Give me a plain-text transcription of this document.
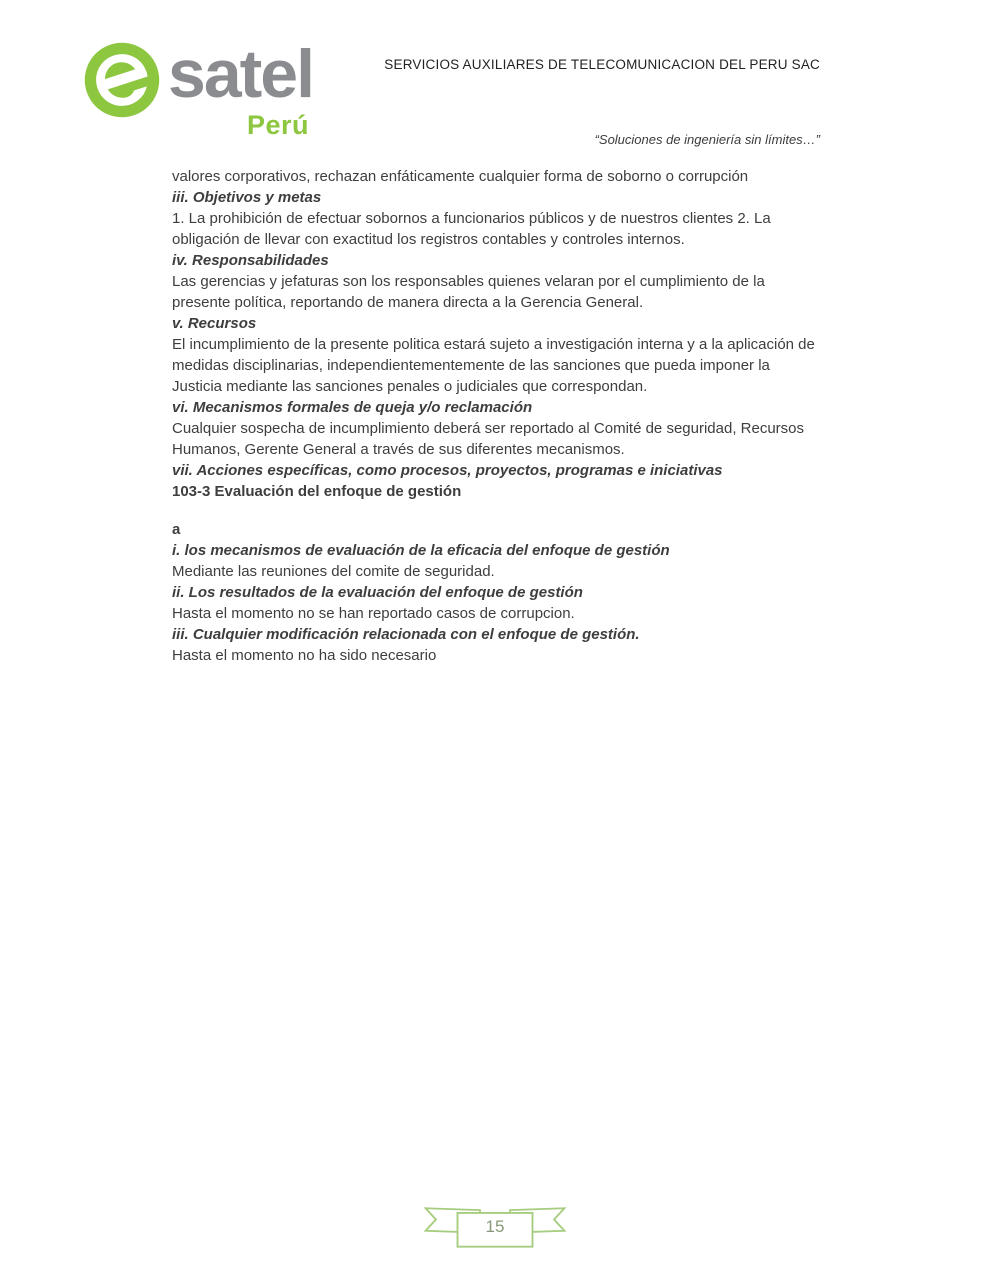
satel
Perú
SERVICIOS AUXILIARES DE TELECOMUNICACION DEL PERU SAC
“Soluciones de ingeniería sin límites…”

valores corporativos, rechazan enfáticamente cualquier forma de soborno o corrupción

iii. Objetivos y metas

1. La prohibición de efectuar sobornos a funcionarios públicos y de nuestros clientes 2. La obligación de llevar con exactitud los registros contables y controles internos.

iv. Responsabilidades

Las gerencias y jefaturas son los responsables quienes velaran por el cumplimiento de la presente política, reportando de manera directa a la Gerencia General.

v. Recursos

El incumplimiento de la presente politica estará sujeto a investigación interna y a la aplicación de medidas disciplinarias, independientementemente de las sanciones que pueda imponer la Justicia mediante las sanciones penales o judiciales que correspondan.

vi. Mecanismos formales de queja y/o reclamación

Cualquier sospecha de incumplimiento deberá ser reportado al Comité de seguridad, Recursos Humanos, Gerente General a través de sus diferentes mecanismos.

vii. Acciones específicas, como procesos, proyectos, programas e iniciativas

103-3 Evaluación del enfoque de gestión

a

i. los mecanismos de evaluación de la eficacia del enfoque de gestión

Mediante las reuniones del comite de seguridad.

ii. Los resultados de la evaluación del enfoque de gestión

Hasta el momento no se han reportado casos de corrupcion.

iii. Cualquier modificación relacionada con el enfoque de gestión.

Hasta el momento no ha sido necesario

15
